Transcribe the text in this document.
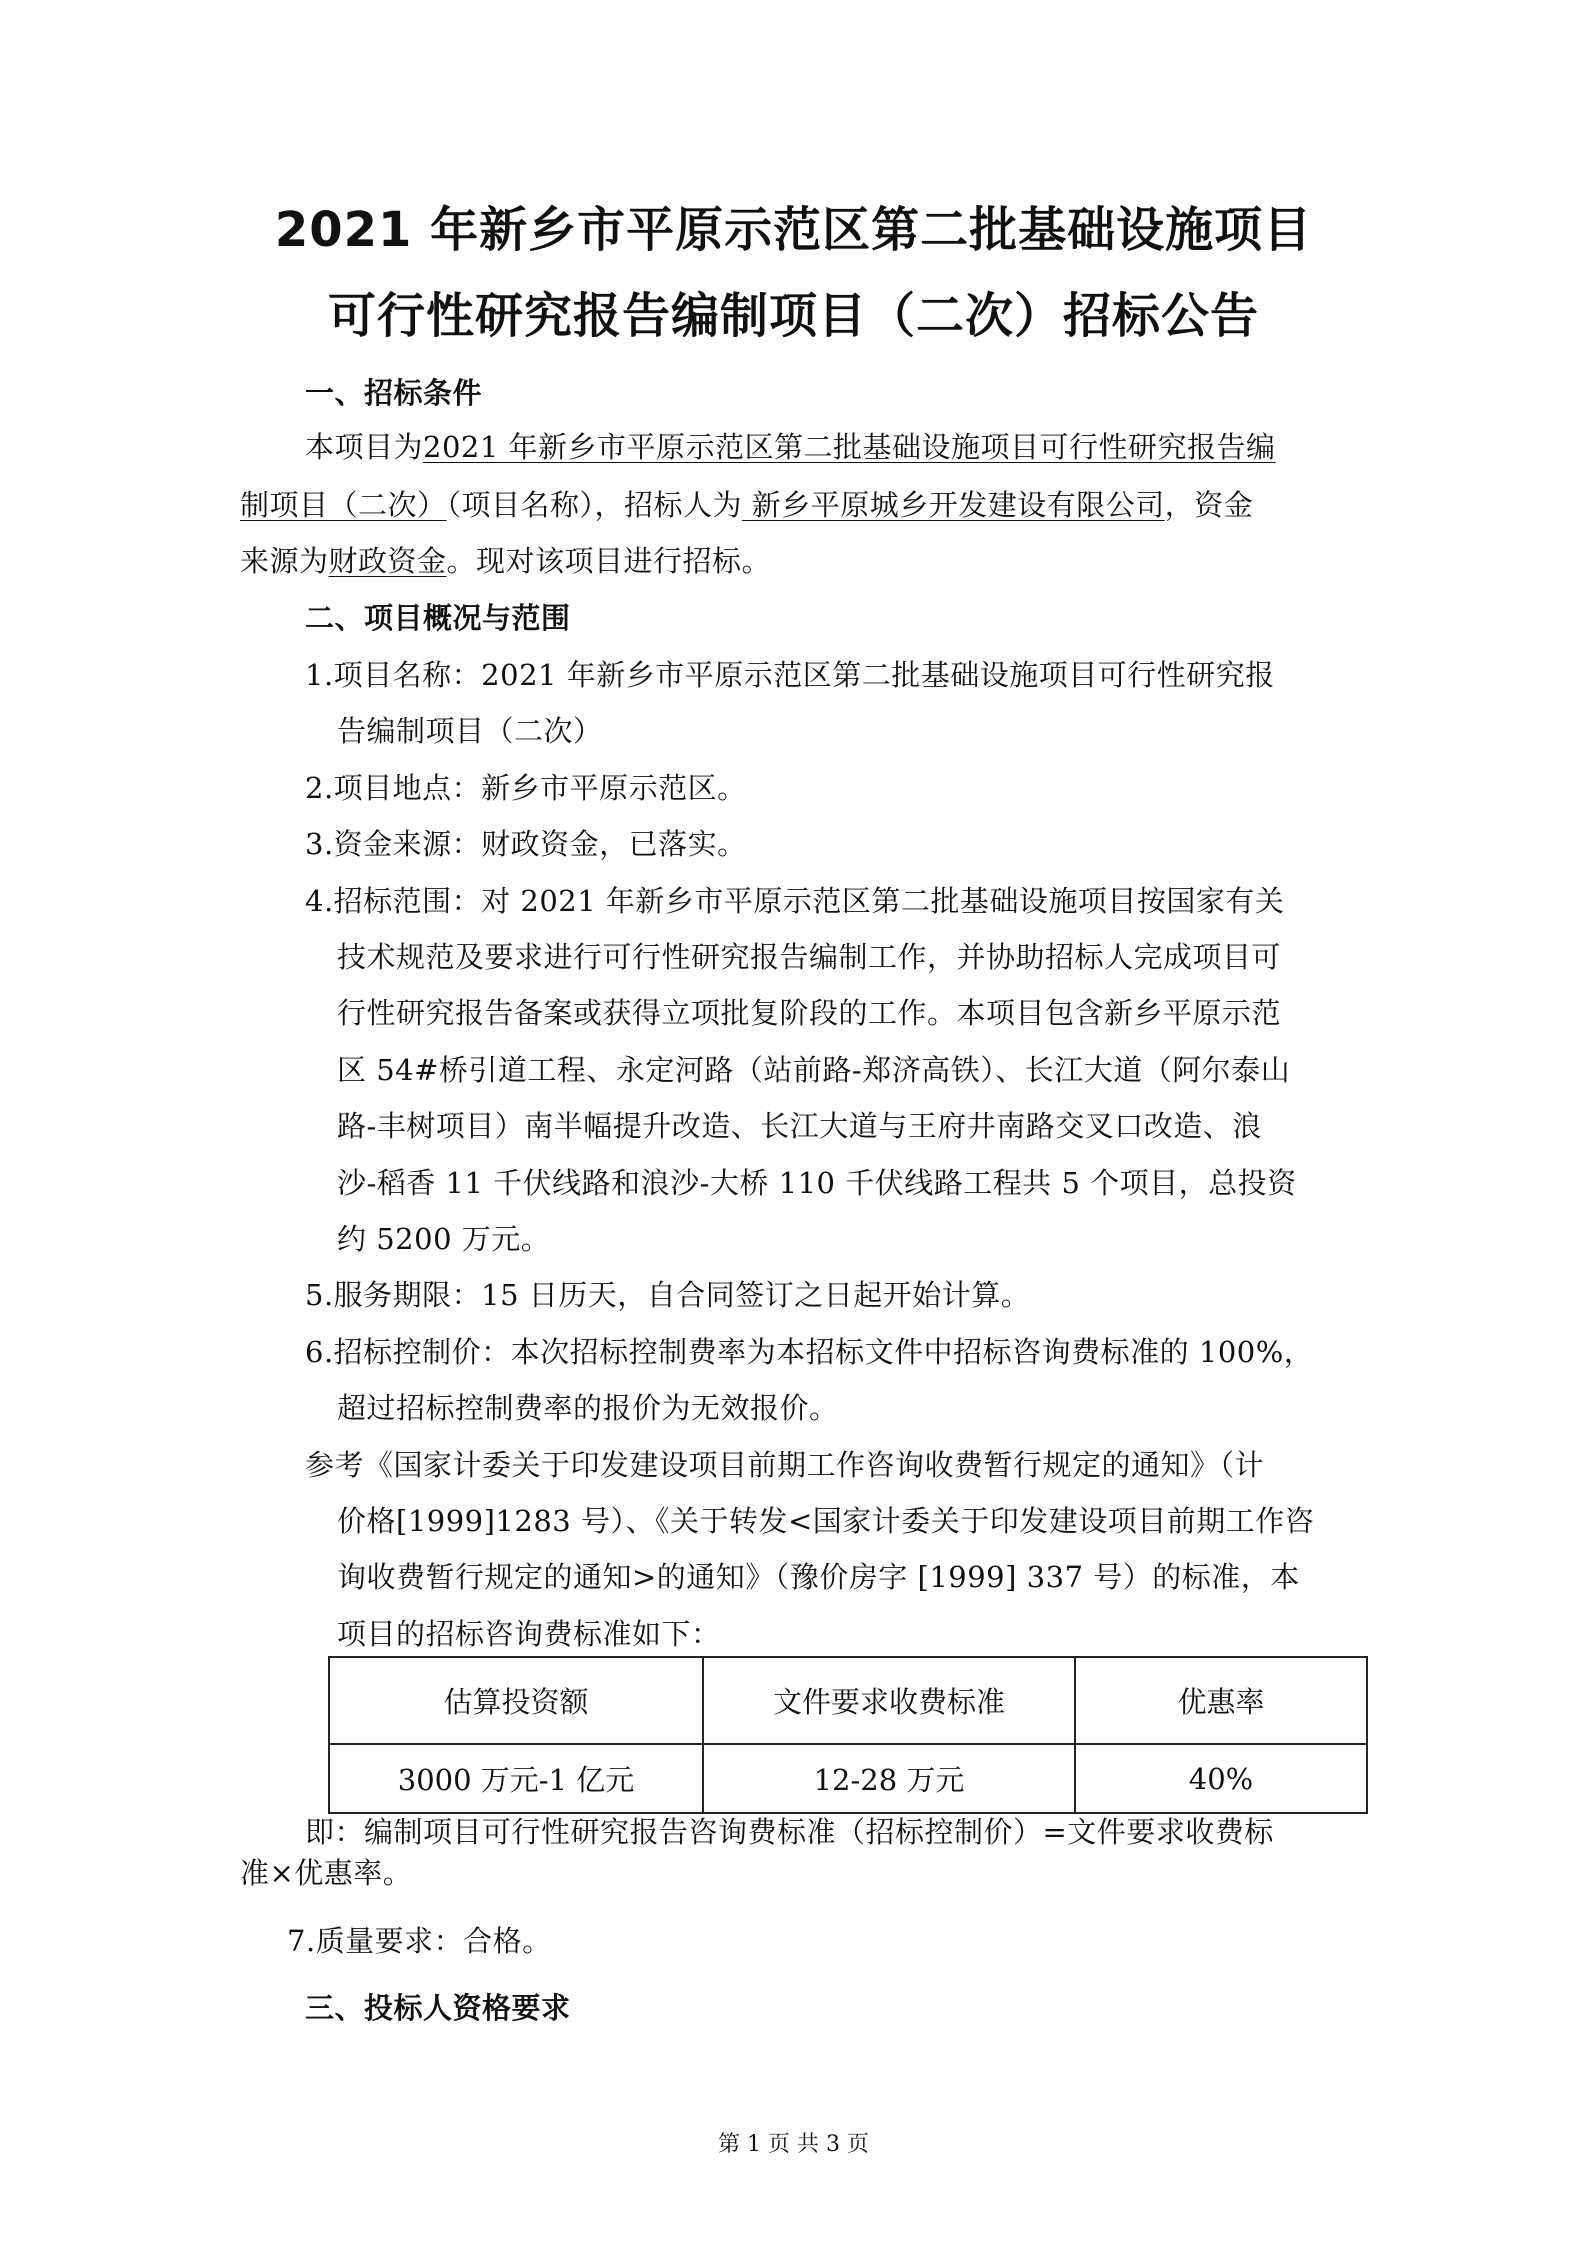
2021 年新乡市平原示范区第二批基础设施项目
可行性研究报告编制项目（二次）招标公告
一、招标条件
本项目为2021 年新乡市平原示范区第二批基础设施项目可行性研究报告编
制项目（二次）（项目名称），招标人为 新乡平原城乡开发建设有限公司，资金
来源为财政资金。现对该项目进行招标。
二、项目概况与范围
1.项目名称：2021 年新乡市平原示范区第二批基础设施项目可行性研究报
告编制项目（二次）
2.项目地点：新乡市平原示范区。
3.资金来源：财政资金，已落实。
4.招标范围：对 2021 年新乡市平原示范区第二批基础设施项目按国家有关
技术规范及要求进行可行性研究报告编制工作，并协助招标人完成项目可
行性研究报告备案或获得立项批复阶段的工作。本项目包含新乡平原示范
区 54#桥引道工程、永定河路（站前路-郑济高铁）、长江大道（阿尔泰山
路-丰树项目）南半幅提升改造、长江大道与王府井南路交叉口改造、浪
沙-稻香 11 千伏线路和浪沙-大桥 110 千伏线路工程共 5 个项目，总投资
约 5200 万元。
5.服务期限：15 日历天，自合同签订之日起开始计算。
6.招标控制价：本次招标控制费率为本招标文件中招标咨询费标准的 100%，
超过招标控制费率的报价为无效报价。
参考《国家计委关于印发建设项目前期工作咨询收费暂行规定的通知》（计
价格[1999]1283 号）、《关于转发<国家计委关于印发建设项目前期工作咨
询收费暂行规定的通知>的通知》（豫价房字 [1999] 337 号）的标准，本
项目的招标咨询费标准如下：
估算投资额	文件要求收费标准	优惠率
3000 万元-1 亿元	12-28 万元	40%
即：编制项目可行性研究报告咨询费标准（招标控制价）=文件要求收费标
准×优惠率。
7.质量要求：合格。
三、投标人资格要求
第 1 页 共 3 页
